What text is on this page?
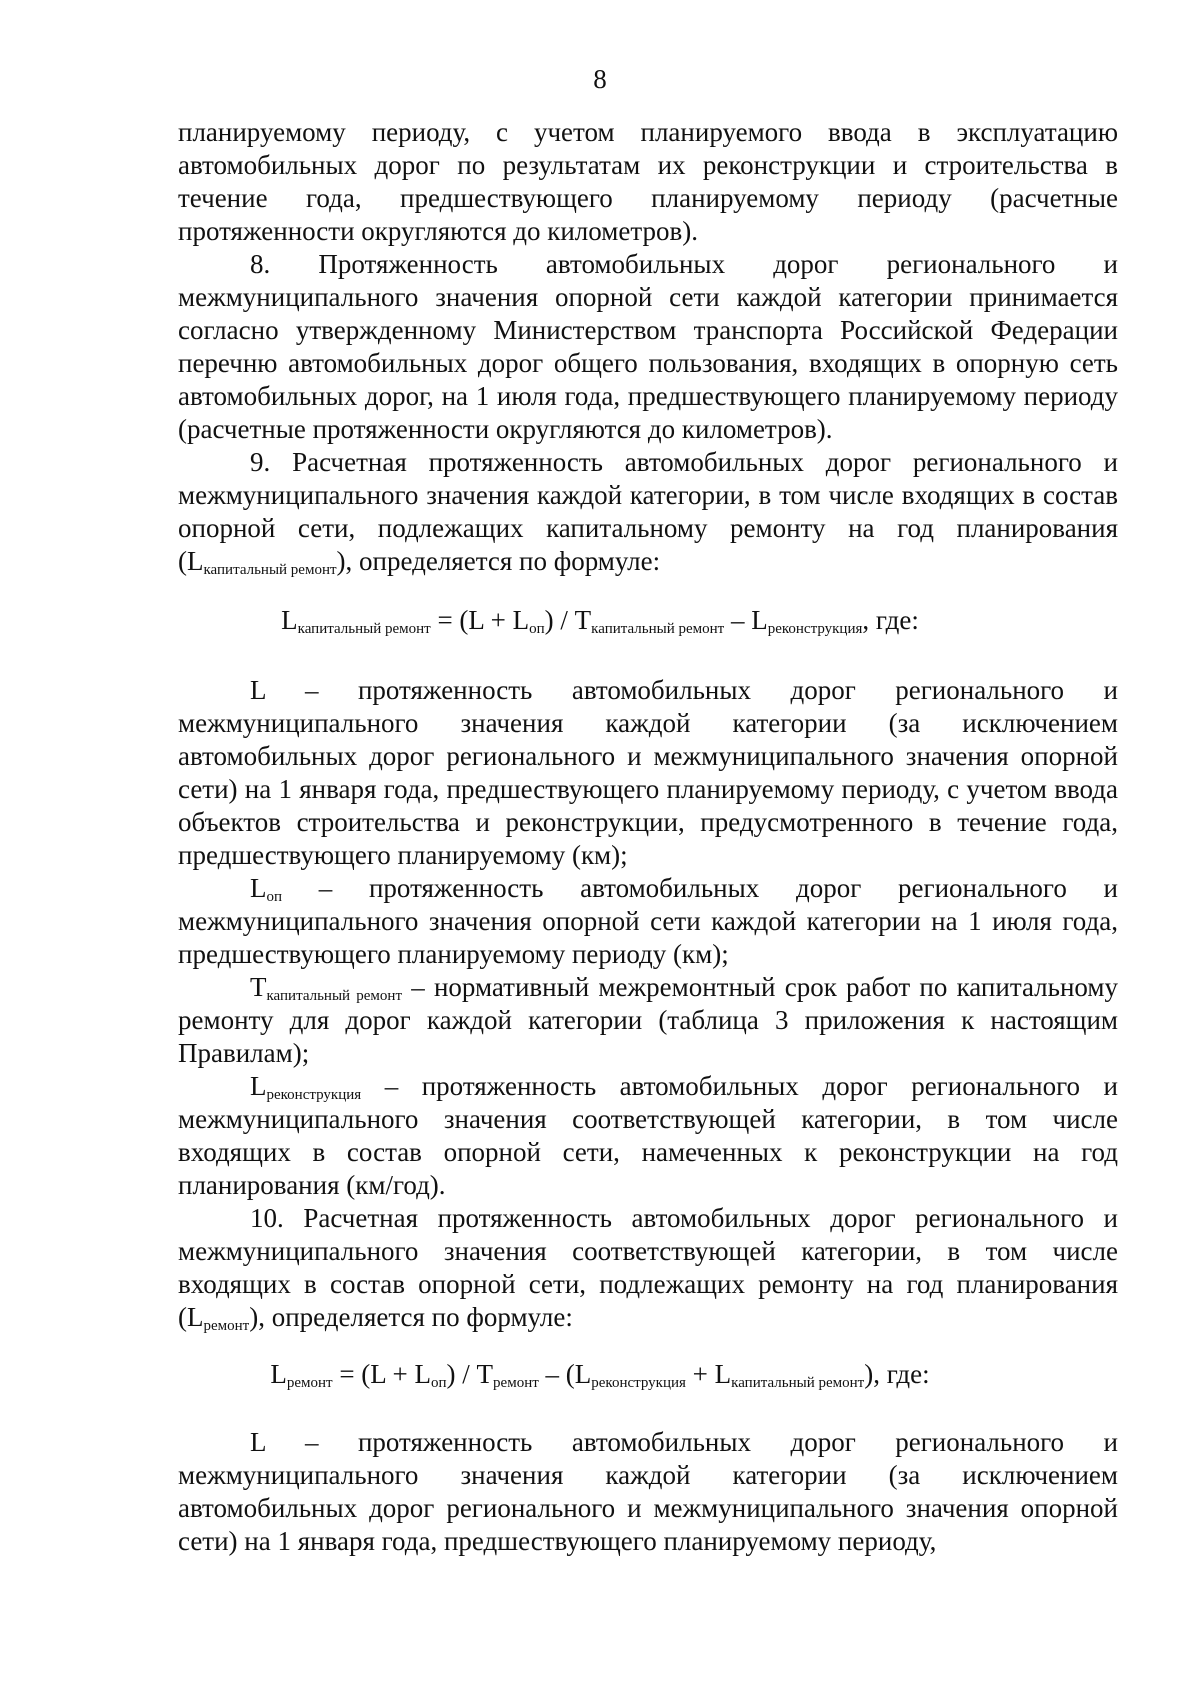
8

планируемому периоду, с учетом планируемого ввода в эксплуатацию автомобильных дорог по результатам их реконструкции и строительства в течение года, предшествующего планируемому периоду (расчетные протяженности округляются до километров).

8. Протяженность автомобильных дорог регионального и межмуниципального значения опорной сети каждой категории принимается согласно утвержденному Министерством транспорта Российской Федерации перечню автомобильных дорог общего пользования, входящих в опорную сеть автомобильных дорог, на 1 июля года, предшествующего планируемому периоду (расчетные протяженности округляются до километров).

9. Расчетная протяженность автомобильных дорог регионального и межмуниципального значения каждой категории, в том числе входящих в состав опорной сети, подлежащих капитальному ремонту на год планирования $(L_{капитальный ремонт})$, определяется по формуле:

$L_{капитальный ремонт} = (L + L_{оп}) / T_{капитальный ремонт} - L_{реконструкция}$, где:

L – протяженность автомобильных дорог регионального и межмуниципального значения каждой категории (за исключением автомобильных дорог регионального и межмуниципального значения опорной сети) на 1 января года, предшествующего планируемому периоду, с учетом ввода объектов строительства и реконструкции, предусмотренного в течение года, предшествующего планируемому (км);

$L_{оп}$ – протяженность автомобильных дорог регионального и межмуниципального значения опорной сети каждой категории на 1 июля года, предшествующего планируемому периоду (км);

$T_{капитальный ремонт}$ – нормативный межремонтный срок работ по капитальному ремонту для дорог каждой категории (таблица 3 приложения к настоящим Правилам);

$L_{реконструкция}$ – протяженность автомобильных дорог регионального и межмуниципального значения соответствующей категории, в том числе входящих в состав опорной сети, намеченных к реконструкции на год планирования (км/год).

10. Расчетная протяженность автомобильных дорог регионального и межмуниципального значения соответствующей категории, в том числе входящих в состав опорной сети, подлежащих ремонту на год планирования $(L_{ремонт})$, определяется по формуле:

$L_{ремонт} = (L + L_{оп}) / T_{ремонт} - (L_{реконструкция} + L_{капитальный ремонт})$, где:

L – протяженность автомобильных дорог регионального и межмуниципального значения каждой категории (за исключением автомобильных дорог регионального и межмуниципального значения опорной сети) на 1 января года, предшествующего планируемому периоду,
